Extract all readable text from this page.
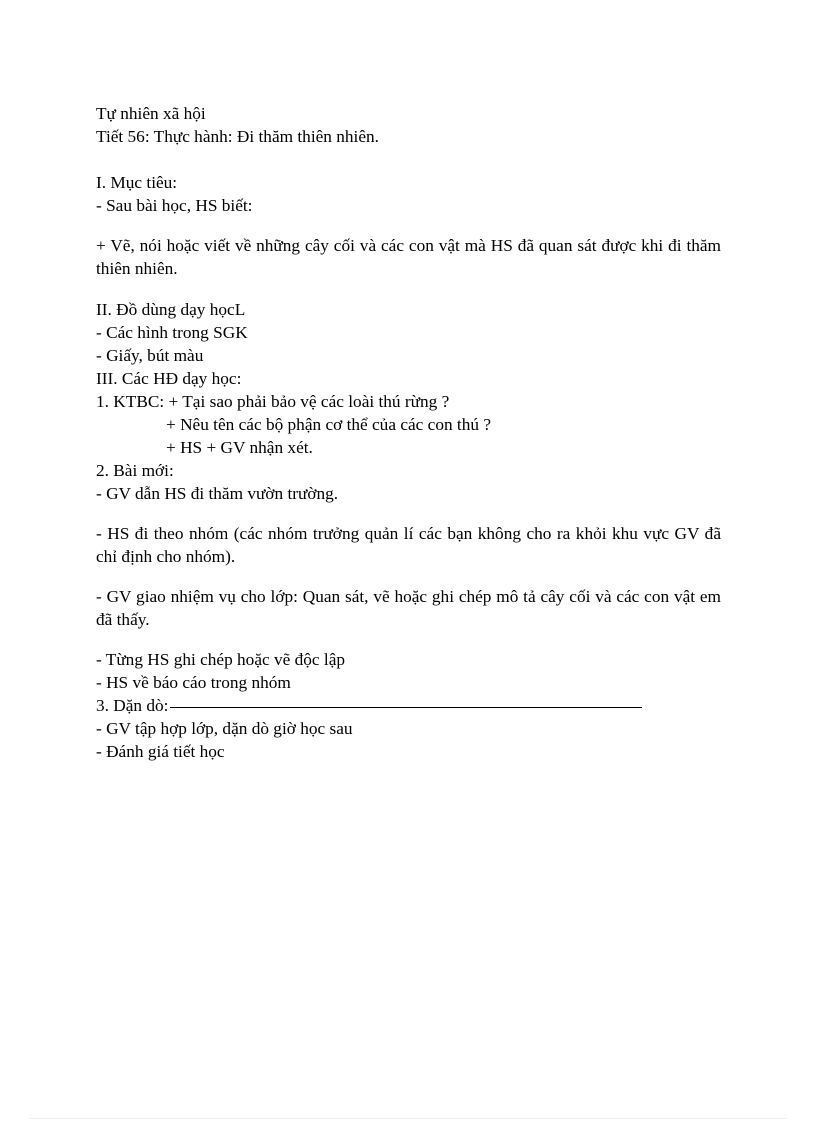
Tự nhiên xã hội

Tiết 56: Thực hành: Đi thăm thiên nhiên.

I. Mục tiêu:

- Sau bài học, HS biết:

+ Vẽ, nói hoặc viết về những cây cối và các con vật mà HS đã quan sát được khi đi thăm thiên nhiên.

II. Đồ dùng dạy họcL

- Các hình trong SGK

- Giấy, bút màu

III. Các HĐ dạy học:

1. KTBC: + Tại sao phải bảo vệ các loài thú rừng ?

+ Nêu tên các bộ phận cơ thể của các con thú ?

+ HS + GV nhận xét.

2. Bài mới:

- GV dẫn HS đi thăm vườn trường.

- HS đi theo nhóm (các nhóm trưởng quản lí các bạn không cho ra khỏi khu vực GV đã chỉ định cho nhóm).

- GV giao nhiệm vụ cho lớp: Quan sát, vẽ hoặc ghi chép mô tả cây cối và các con vật em đã thấy.

- Từng HS ghi chép hoặc vẽ độc lập

- HS về báo cáo trong nhóm

3. Dặn dò:

- GV tập hợp lớp, dặn dò giờ học sau

- Đánh giá tiết học
